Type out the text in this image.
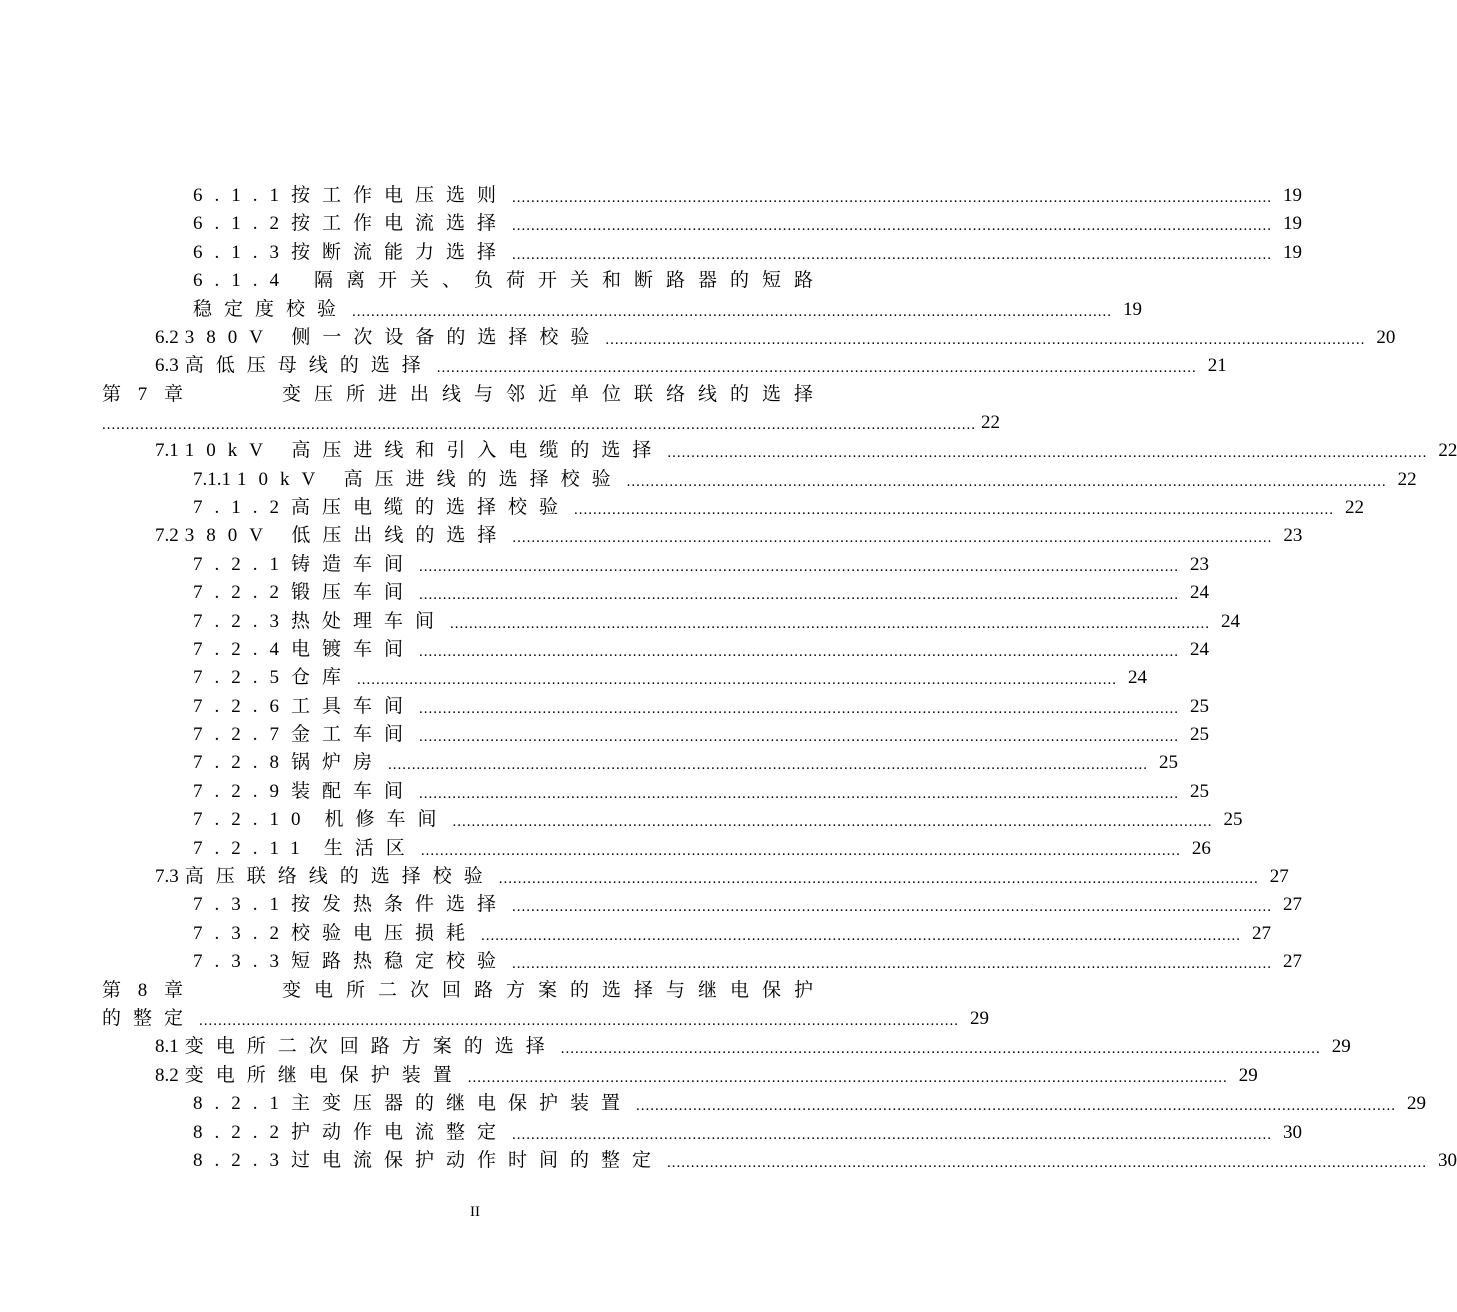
6.1.1 按工作电压选则 ................................................................................................................................................................ 19
6.1.2 按工作电流选择 ................................................................................................................................................................ 19
6.1.3 按断流能力选择 ................................................................................................................................................................ 19
6.1.4 隔离开关、负荷开关和断路器的短路
稳定度校验 ................................................................................................................................................................ 19
6.2 380V 侧一次设备的选择校验 ................................................................................................................................................................ 20
6.3 高低压母线的选择 ................................................................................................................................................................ 21
第 7 章	变压所进出线与邻近单位联络线的选择
........................................................................................................................................................................................ 22
7.1 10kV 高压进线和引入电缆的选择 ................................................................................................................................................................ 22
7.1.1 10kV 高压进线的选择校验 ................................................................................................................................................................ 22
7.1.2 高压电缆的选择校验 ................................................................................................................................................................ 22
7.2 380V 低压出线的选择 ................................................................................................................................................................ 23
7.2.1 铸造车间 ................................................................................................................................................................ 23
7.2.2 锻压车间 ................................................................................................................................................................ 24
7.2.3 热处理车间 ................................................................................................................................................................ 24
7.2.4 电镀车间 ................................................................................................................................................................ 24
7.2.5 仓库 ................................................................................................................................................................ 24
7.2.6 工具车间 ................................................................................................................................................................ 25
7.2.7 金工车间 ................................................................................................................................................................ 25
7.2.8 锅炉房 ................................................................................................................................................................ 25
7.2.9 装配车间 ................................................................................................................................................................ 25
7.2.10 机修车间 ................................................................................................................................................................ 25
7.2.11 生活区 ................................................................................................................................................................ 26
7.3 高压联络线的选择校验 ................................................................................................................................................................ 27
7.3.1 按发热条件选择 ................................................................................................................................................................ 27
7.3.2 校验电压损耗 ................................................................................................................................................................ 27
7.3.3 短路热稳定校验 ................................................................................................................................................................ 27
第 8 章	变电所二次回路方案的选择与继电保护
的整定 ................................................................................................................................................................ 29
8.1 变电所二次回路方案的选择 ................................................................................................................................................................ 29
8.2 变电所继电保护装置 ................................................................................................................................................................ 29
8.2.1 主变压器的继电保护装置 ................................................................................................................................................................ 29
8.2.2 护动作电流整定 ................................................................................................................................................................ 30
8.2.3 过电流保护动作时间的整定 ................................................................................................................................................................ 30
II
